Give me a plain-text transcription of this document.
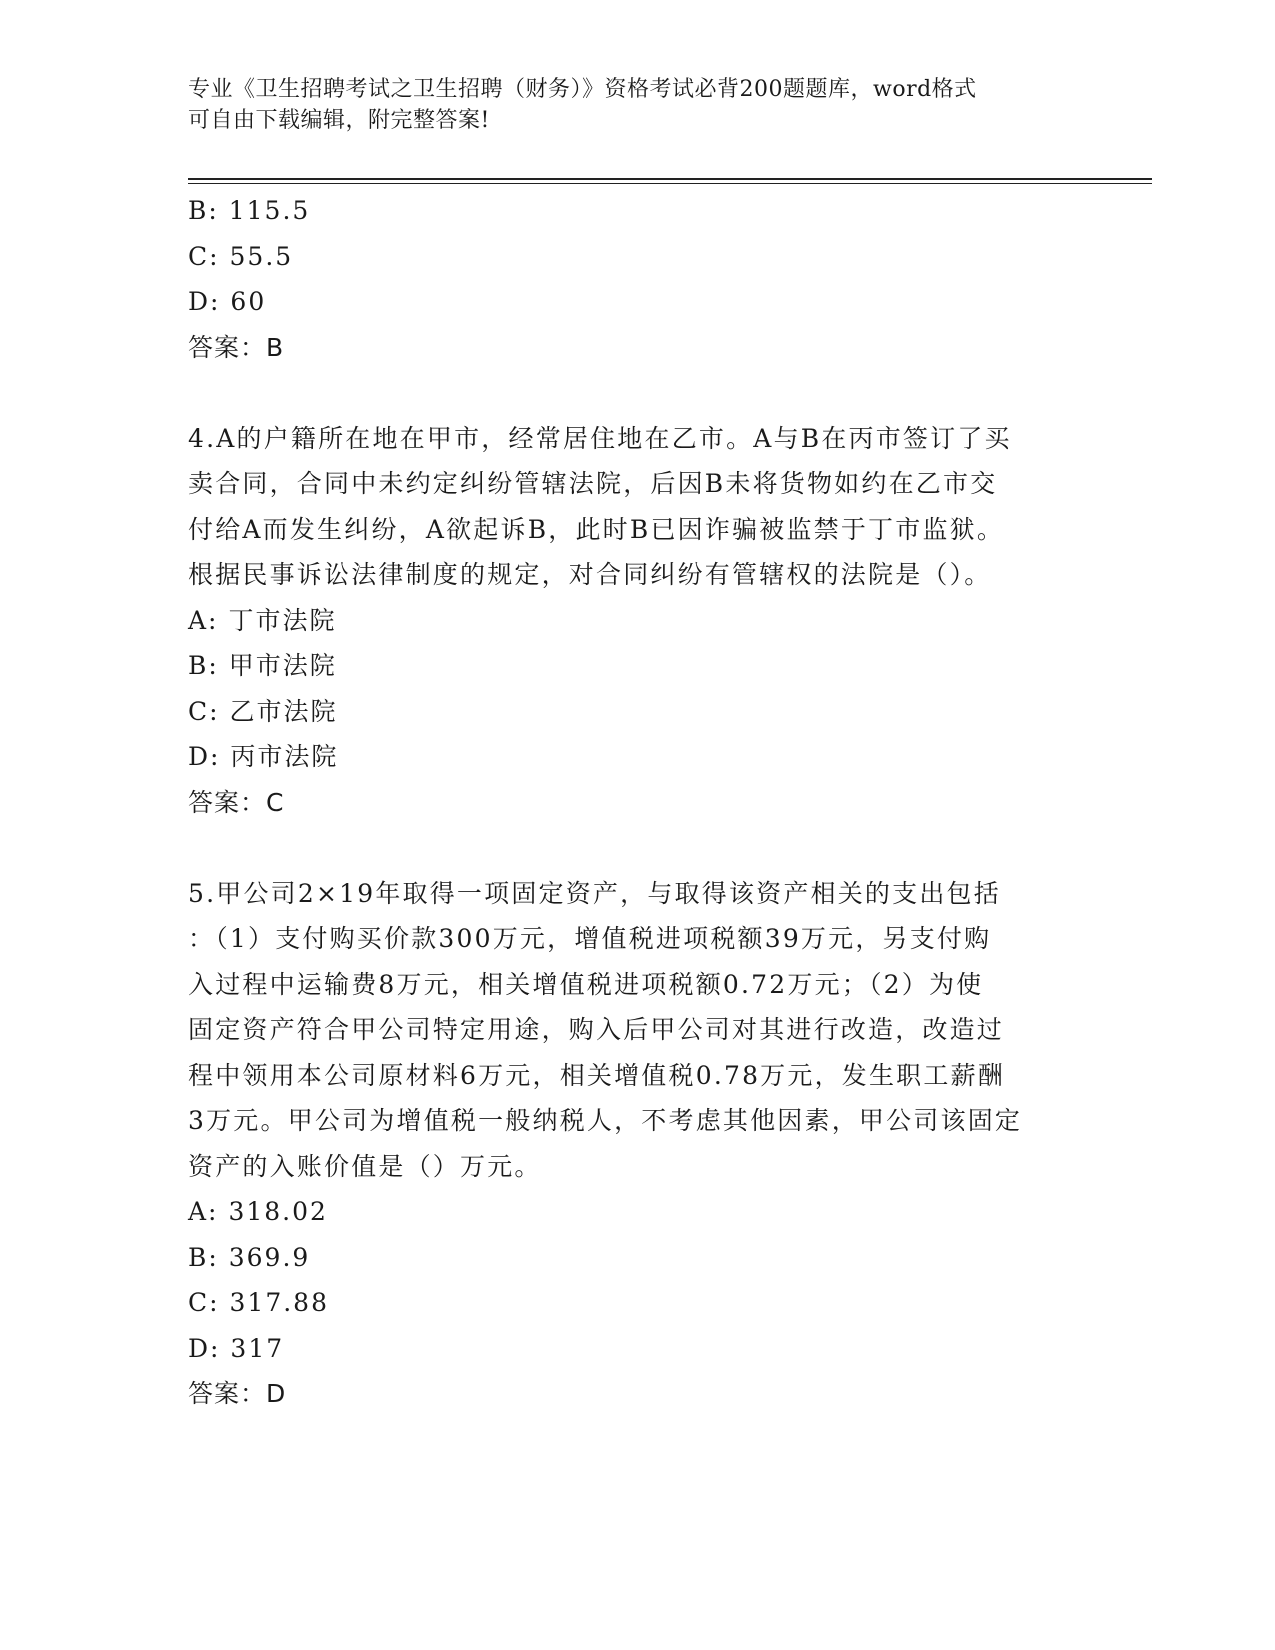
专业《卫生招聘考试之卫生招聘（财务）》资格考试必背200题题库，word格式
可自由下载编辑，附完整答案!
B: 115.5
C: 55.5
D: 60
答案：B
4.A的户籍所在地在甲市，经常居住地在乙市。A与B在丙市签订了买
卖合同，合同中未约定纠纷管辖法院，后因B未将货物如约在乙市交
付给A而发生纠纷，A欲起诉B，此时B已因诈骗被监禁于丁市监狱。
根据民事诉讼法律制度的规定，对合同纠纷有管辖权的法院是（）。
A: 丁市法院
B: 甲市法院
C: 乙市法院
D: 丙市法院
答案：C
5.甲公司2×19年取得一项固定资产，与取得该资产相关的支出包括
：（1）支付购买价款300万元，增值税进项税额39万元，另支付购
入过程中运输费8万元，相关增值税进项税额0.72万元；（2）为使
固定资产符合甲公司特定用途，购入后甲公司对其进行改造，改造过
程中领用本公司原材料6万元，相关增值税0.78万元，发生职工薪酬
3万元。甲公司为增值税一般纳税人，不考虑其他因素，甲公司该固定
资产的入账价值是（）万元。
A: 318.02
B: 369.9
C: 317.88
D: 317
答案：D
